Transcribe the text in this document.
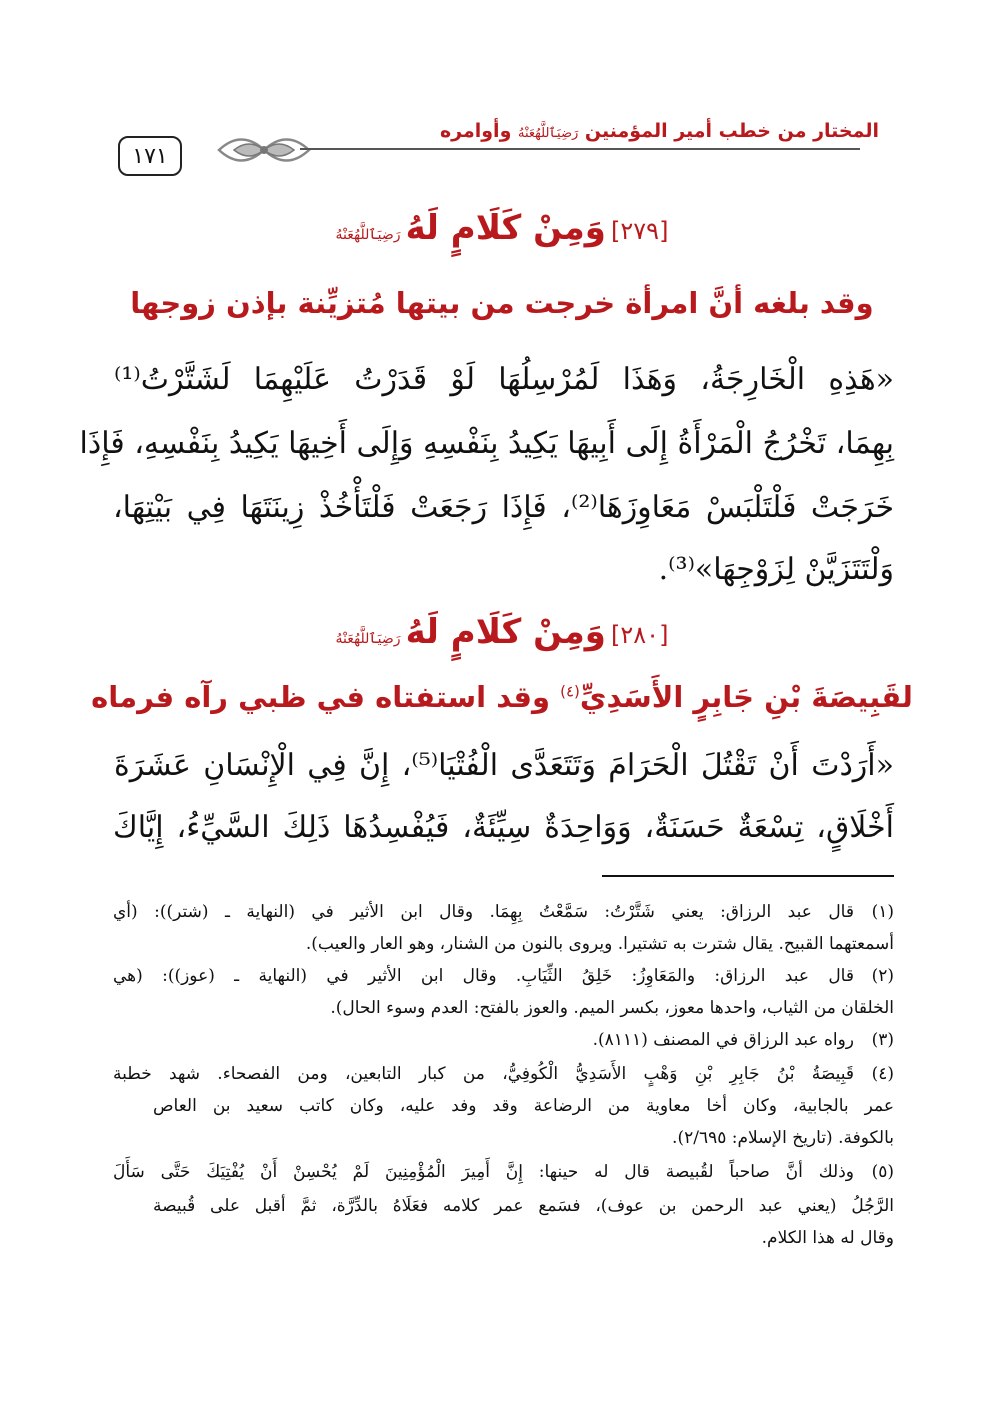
١٧١
المختار من خطب أمير المؤمنين رَضِيَٱللَّهُعَنْهُ وأوامره
[٢٧٩] وَمِنْ كَلَامٍ لَهُ رَضِيَٱللَّهُعَنْهُ
وقد بلغه أنَّ امرأة خرجت من بيتها مُتزيِّنة بإذن زوجها
«هَذِهِ الْخَارِجَةُ، وَهَذَا لَمُرْسِلُهَا لَوْ قَدَرْتُ عَلَيْهِمَا لَشَتَّرْتُ⁽¹⁾
بِهِمَا، تَخْرُجُ الْمَرْأَةُ إِلَى أَبِيهَا يَكِيدُ بِنَفْسِهِ وَإِلَى أَخِيهَا يَكِيدُ بِنَفْسِهِ، فَإِذَا
خَرَجَتْ فَلْتَلْبَسْ مَعَاوِزَهَا⁽²⁾، فَإِذَا رَجَعَتْ فَلْتَأْخُذْ زِينَتَهَا فِي بَيْتِهَا،
وَلْتَتَزَيَّنْ لِزَوْجِهَا»⁽³⁾.
[٢٨٠] وَمِنْ كَلَامٍ لَهُ رَضِيَٱللَّهُعَنْهُ
لقَبِيصَةَ بْنِ جَابِرٍ الأَسَدِيِّ$^{(٤)}$ وقد استفتاه في ظبي رآه فرماه
«أَرَدْتَ أَنْ تَقْتُلَ الْحَرَامَ وَتَتَعَدَّى الْفُتْيَا⁽⁵⁾، إِنَّ فِي الْإِنْسَانِ عَشَرَةَ
أَخْلَاقٍ، تِسْعَةٌ حَسَنَةٌ، وَوَاحِدَةٌ سِيِّئَةٌ، فَيُفْسِدُهَا ذَلِكَ السَّيِّءُ، إِيَّاكَ
(١)قال عبد الرزاق: يعني شَتَّرْتُ: سَمَّعْتُ بِهِمَا. وقال ابن الأثير في (النهاية ـ (شتر)): (أي
أسمعتهما القبيح. يقال شترت به تشتيرا. ويروى بالنون من الشنار، وهو العار والعيب).
(٢)قال عبد الرزاق: والمَعَاوِزُ: خَلِقُ الثِّيَابِ. وقال ابن الأثير في (النهاية ـ (عوز)): (هي
الخلقان من الثياب، واحدها معوز، بكسر الميم. والعوز بالفتح: العدم وسوء الحال).
(٣)رواه عبد الرزاق في المصنف (٨١١١).
(٤)قَبِيصَةُ بْنُ جَابِرِ بْنِ وَهْبٍ الأَسَدِيُّ الْكُوفِيُّ، من كبار التابعين، ومن الفصحاء. شهد خطبة
عمر بالجابية، وكان أخا معاوية من الرضاعة وقد وفد عليه، وكان كاتب سعيد بن العاص
بالكوفة. (تاريخ الإسلام: ٢/٦٩٥).
(٥)وذلك أنَّ صاحباً لقُبيصة قال له حينها: إِنَّ أَمِيرَ الْمُؤْمِنِينَ لَمْ يُحْسِنْ أَنْ يُفْتِيَكَ حَتَّى سَأَلَ
الرَّجُلُ (يعني عبد الرحمن بن عوف)، فسَمع عمر كلامه فعَلَاهُ بالدِّرَّة، ثمَّ أقبل على قُبيصة
وقال له هذا الكلام.
